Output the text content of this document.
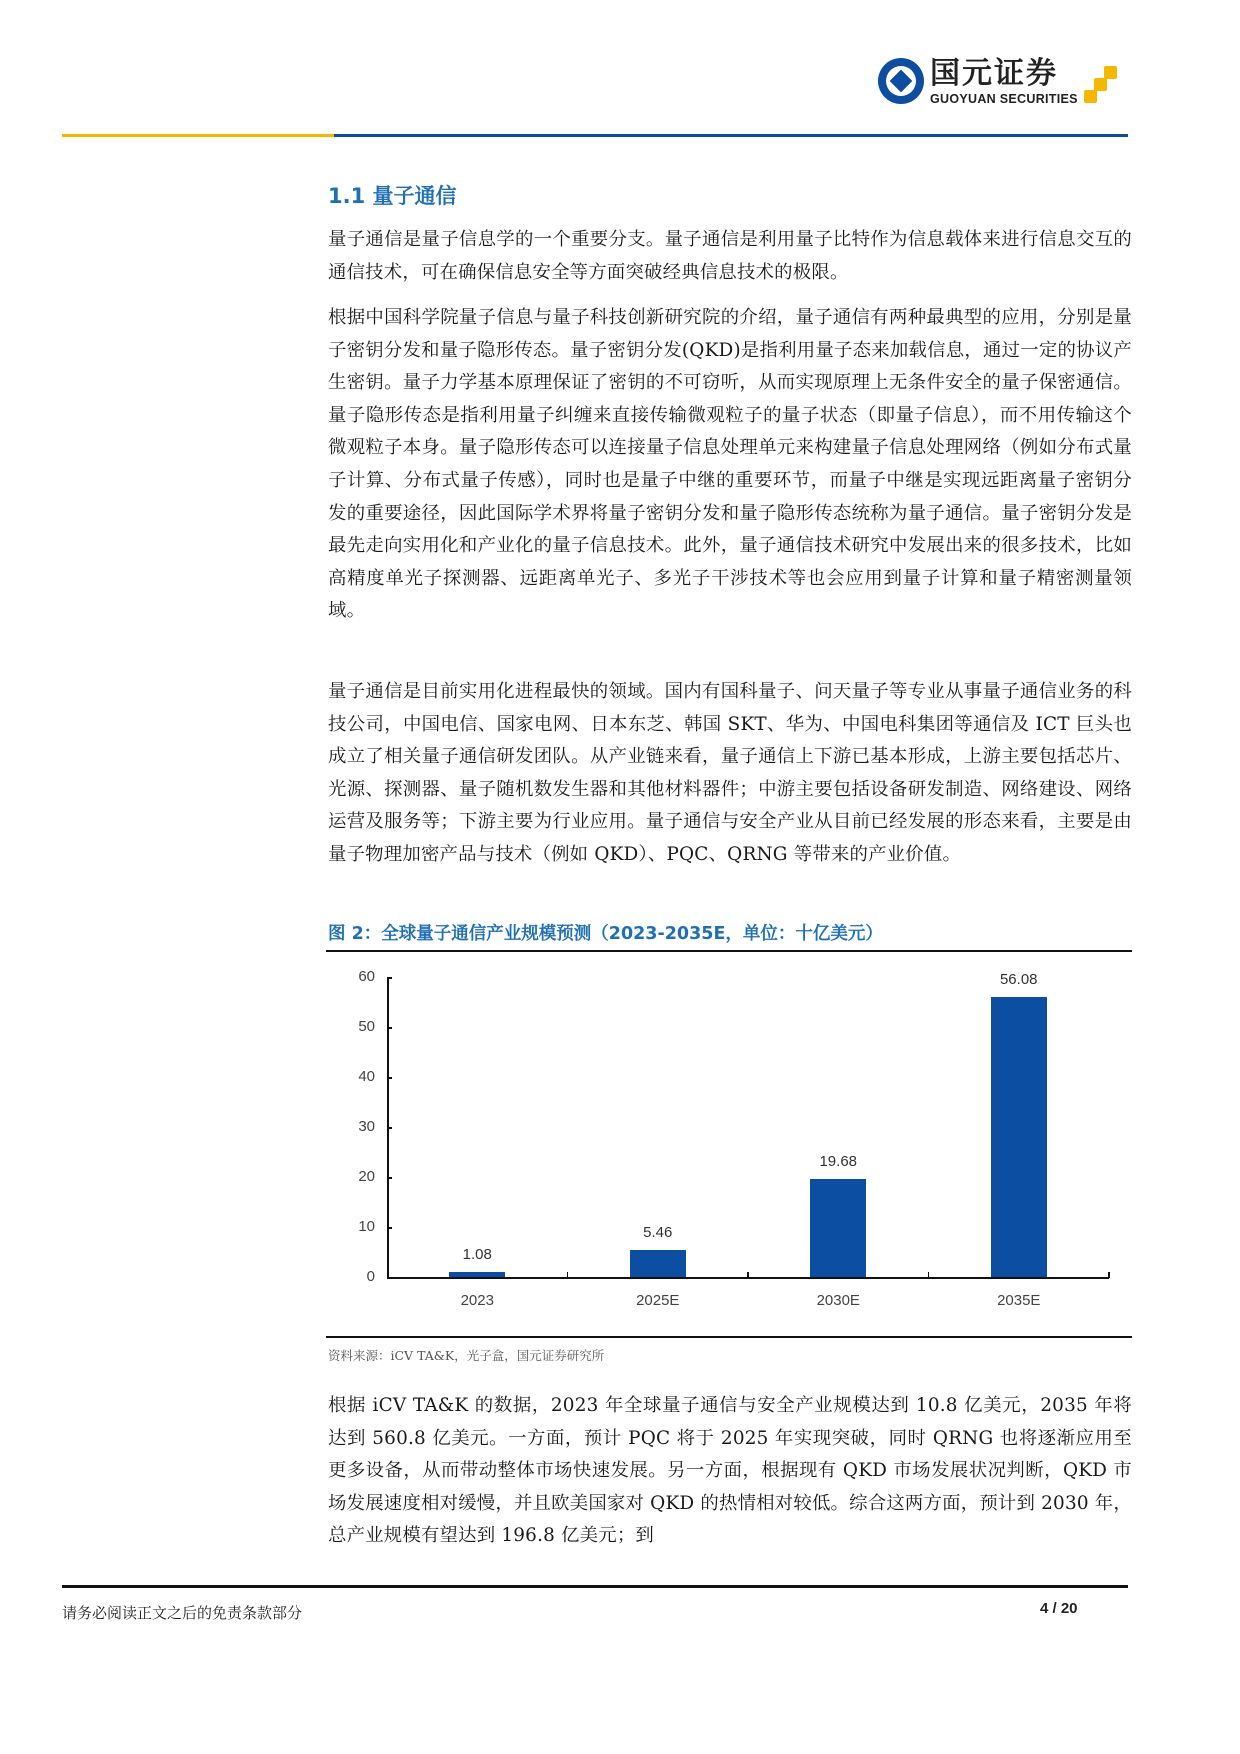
国元证券
GUOYUAN SECURITIES
1.1 量子通信
量子通信是量子信息学的一个重要分支。量子通信是利用量子比特作为信息载体来进行信息交互的通信技术，可在确保信息安全等方面突破经典信息技术的极限。
根据中国科学院量子信息与量子科技创新研究院的介绍，量子通信有两种最典型的应用，分别是量子密钥分发和量子隐形传态。量子密钥分发(QKD)是指利用量子态来加载信息，通过一定的协议产生密钥。量子力学基本原理保证了密钥的不可窃听，从而实现原理上无条件安全的量子保密通信。量子隐形传态是指利用量子纠缠来直接传输微观粒子的量子状态（即量子信息），而不用传输这个微观粒子本身。量子隐形传态可以连接量子信息处理单元来构建量子信息处理网络（例如分布式量子计算、分布式量子传感），同时也是量子中继的重要环节，而量子中继是实现远距离量子密钥分发的重要途径，因此国际学术界将量子密钥分发和量子隐形传态统称为量子通信。量子密钥分发是最先走向实用化和产业化的量子信息技术。此外，量子通信技术研究中发展出来的很多技术，比如高精度单光子探测器、远距离单光子、多光子干涉技术等也会应用到量子计算和量子精密测量领域。
量子通信是目前实用化进程最快的领域。国内有国科量子、问天量子等专业从事量子通信业务的科技公司，中国电信、国家电网、日本东芝、韩国 SKT、华为、中国电科集团等通信及 ICT 巨头也成立了相关量子通信研发团队。从产业链来看，量子通信上下游已基本形成，上游主要包括芯片、光源、探测器、量子随机数发生器和其他材料器件；中游主要包括设备研发制造、网络建设、网络运营及服务等；下游主要为行业应用。量子通信与安全产业从目前已经发展的形态来看，主要是由量子物理加密产品与技术（例如 QKD）、PQC、QRNG 等带来的产业价值。
图 2：全球量子通信产业规模预测（2023-2035E，单位：十亿美元）
0
10
20
30
40
50
60
1.08
2023
5.46
2025E
19.68
2030E
56.08
2035E
资料来源：iCV TA&K，光子盒，国元证券研究所
根据 iCV TA&K 的数据，2023 年全球量子通信与安全产业规模达到 10.8 亿美元，2035 年将达到 560.8 亿美元。一方面，预计 PQC 将于 2025 年实现突破，同时 QRNG 也将逐渐应用至更多设备，从而带动整体市场快速发展。另一方面，根据现有 QKD 市场发展状况判断，QKD 市场发展速度相对缓慢，并且欧美国家对 QKD 的热情相对较低。综合这两方面，预计到 2030 年，总产业规模有望达到 196.8 亿美元；到
请务必阅读正文之后的免责条款部分	4 / 20
